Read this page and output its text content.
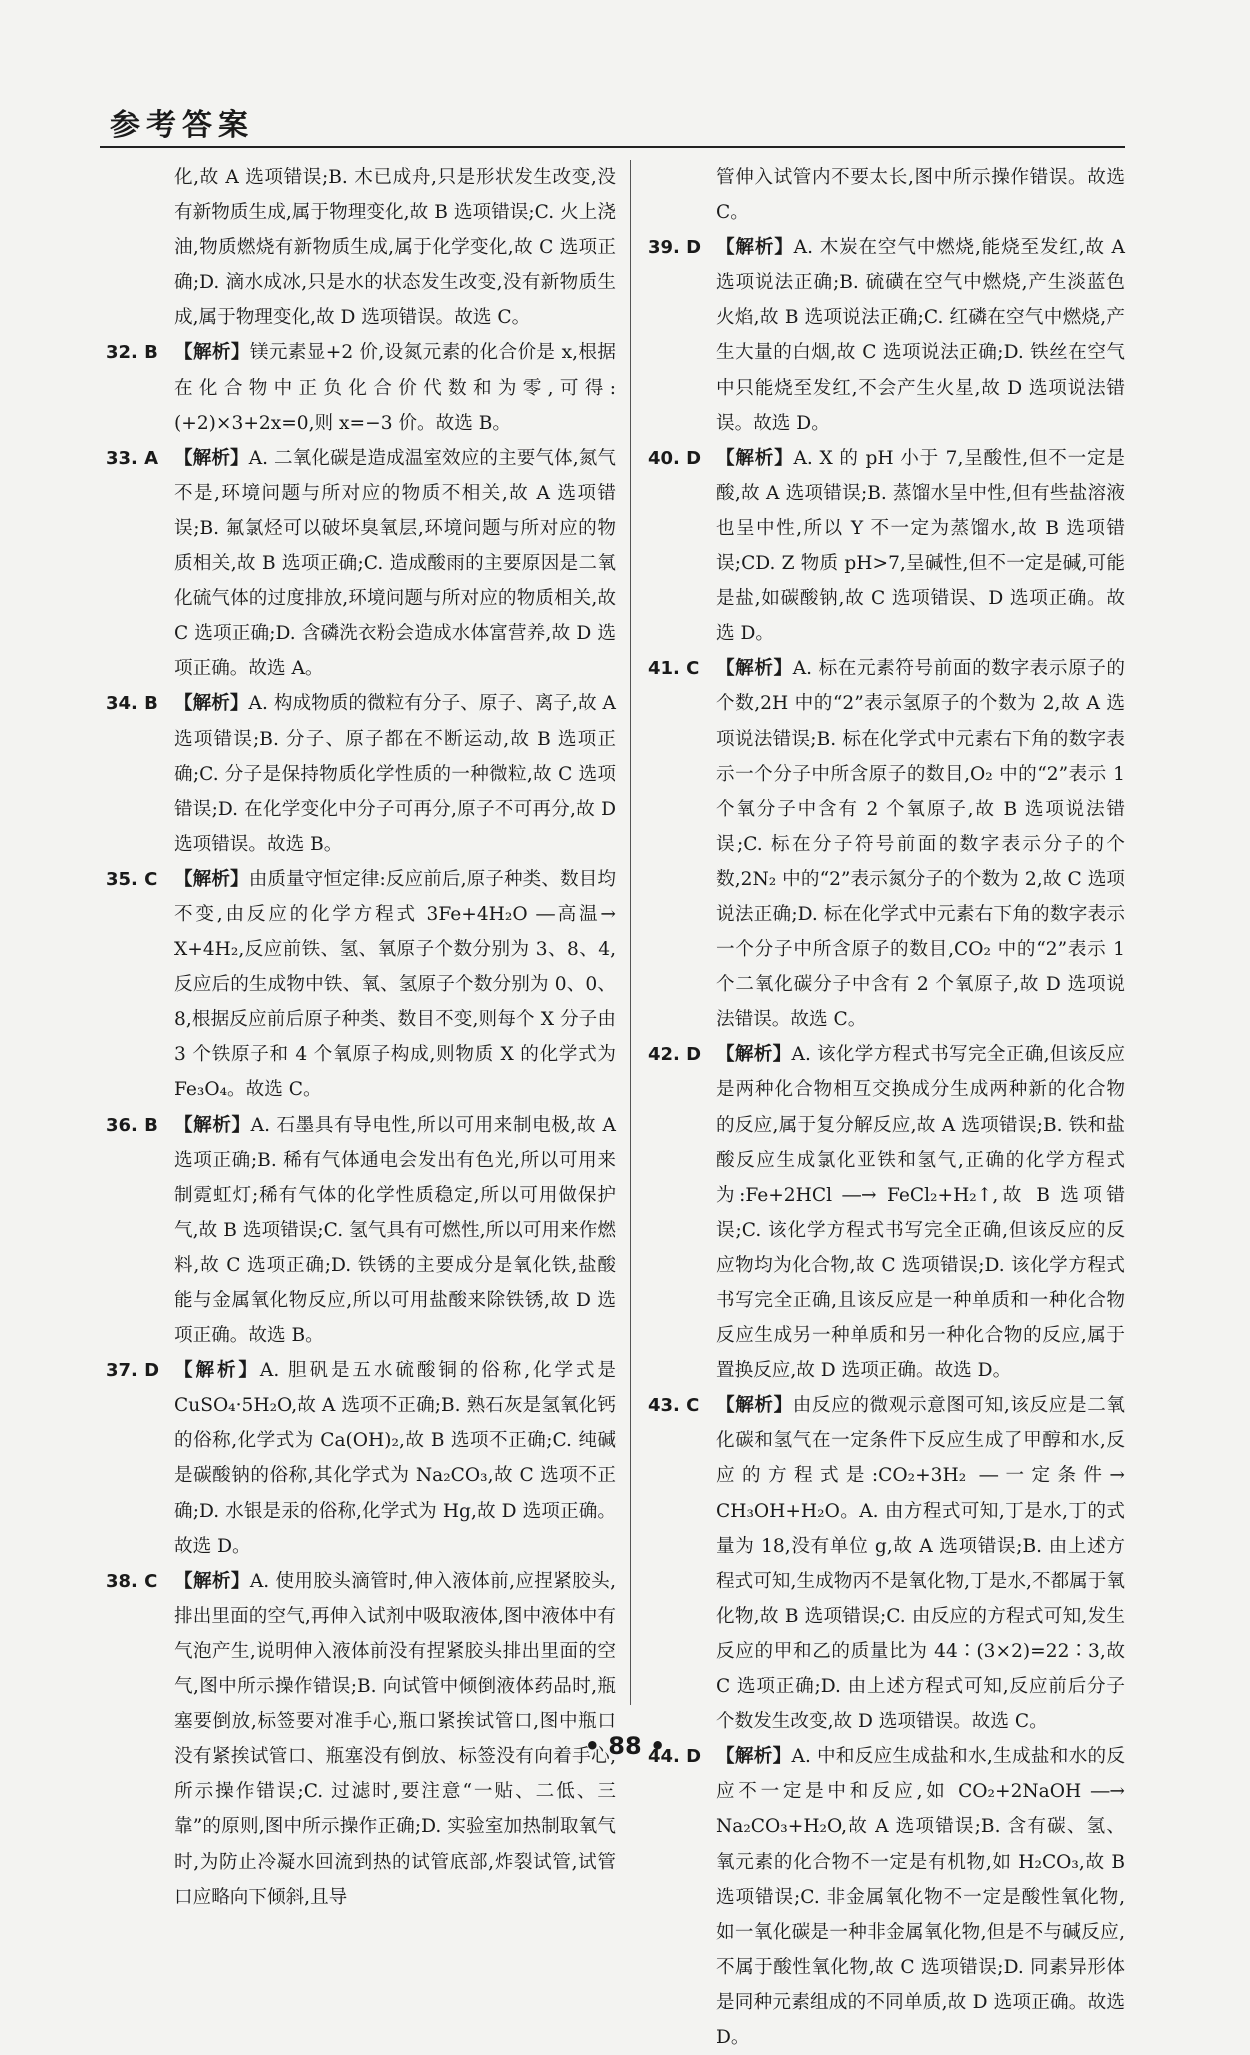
参考答案
化,故 A 选项错误;B. 木已成舟,只是形状发生改变,没有新物质生成,属于物理变化,故 B 选项错误;C. 火上浇油,物质燃烧有新物质生成,属于化学变化,故 C 选项正确;D. 滴水成冰,只是水的状态发生改变,没有新物质生成,属于物理变化,故 D 选项错误。故选 C。
32. B 【解析】镁元素显+2 价,设氮元素的化合价是 x,根据在化合物中正负化合价代数和为零,可得:(+2)×3+2x=0,则 x=−3 价。故选 B。
33. A 【解析】A. 二氧化碳是造成温室效应的主要气体,氮气不是,环境问题与所对应的物质不相关,故 A 选项错误;B. 氟氯烃可以破坏臭氧层,环境问题与所对应的物质相关,故 B 选项正确;C. 造成酸雨的主要原因是二氧化硫气体的过度排放,环境问题与所对应的物质相关,故 C 选项正确;D. 含磷洗衣粉会造成水体富营养,故 D 选项正确。故选 A。
34. B 【解析】A. 构成物质的微粒有分子、原子、离子,故 A 选项错误;B. 分子、原子都在不断运动,故 B 选项正确;C. 分子是保持物质化学性质的一种微粒,故 C 选项错误;D. 在化学变化中分子可再分,原子不可再分,故 D 选项错误。故选 B。
35. C 【解析】由质量守恒定律:反应前后,原子种类、数目均不变,由反应的化学方程式 3Fe+4H₂O ―高温→ X+4H₂,反应前铁、氢、氧原子个数分别为 3、8、4,反应后的生成物中铁、氧、氢原子个数分别为 0、0、8,根据反应前后原子种类、数目不变,则每个 X 分子由 3 个铁原子和 4 个氧原子构成,则物质 X 的化学式为 Fe₃O₄。故选 C。
36. B 【解析】A. 石墨具有导电性,所以可用来制电极,故 A 选项正确;B. 稀有气体通电会发出有色光,所以可用来制霓虹灯;稀有气体的化学性质稳定,所以可用做保护气,故 B 选项错误;C. 氢气具有可燃性,所以可用来作燃料,故 C 选项正确;D. 铁锈的主要成分是氧化铁,盐酸能与金属氧化物反应,所以可用盐酸来除铁锈,故 D 选项正确。故选 B。
37. D 【解析】A. 胆矾是五水硫酸铜的俗称,化学式是 CuSO₄·5H₂O,故 A 选项不正确;B. 熟石灰是氢氧化钙的俗称,化学式为 Ca(OH)₂,故 B 选项不正确;C. 纯碱是碳酸钠的俗称,其化学式为 Na₂CO₃,故 C 选项不正确;D. 水银是汞的俗称,化学式为 Hg,故 D 选项正确。故选 D。
38. C 【解析】A. 使用胶头滴管时,伸入液体前,应捏紧胶头,排出里面的空气,再伸入试剂中吸取液体,图中液体中有气泡产生,说明伸入液体前没有捏紧胶头排出里面的空气,图中所示操作错误;B. 向试管中倾倒液体药品时,瓶塞要倒放,标签要对准手心,瓶口紧挨试管口,图中瓶口没有紧挨试管口、瓶塞没有倒放、标签没有向着手心,所示操作错误;C. 过滤时,要注意“一贴、二低、三靠”的原则,图中所示操作正确;D. 实验室加热制取氧气时,为防止冷凝水回流到热的试管底部,炸裂试管,试管口应略向下倾斜,且导
管伸入试管内不要太长,图中所示操作错误。故选 C。
39. D 【解析】A. 木炭在空气中燃烧,能烧至发红,故 A 选项说法正确;B. 硫磺在空气中燃烧,产生淡蓝色火焰,故 B 选项说法正确;C. 红磷在空气中燃烧,产生大量的白烟,故 C 选项说法正确;D. 铁丝在空气中只能烧至发红,不会产生火星,故 D 选项说法错误。故选 D。
40. D 【解析】A. X 的 pH 小于 7,呈酸性,但不一定是酸,故 A 选项错误;B. 蒸馏水呈中性,但有些盐溶液也呈中性,所以 Y 不一定为蒸馏水,故 B 选项错误;CD. Z 物质 pH>7,呈碱性,但不一定是碱,可能是盐,如碳酸钠,故 C 选项错误、D 选项正确。故选 D。
41. C 【解析】A. 标在元素符号前面的数字表示原子的个数,2H 中的“2”表示氢原子的个数为 2,故 A 选项说法错误;B. 标在化学式中元素右下角的数字表示一个分子中所含原子的数目,O₂ 中的“2”表示 1 个氧分子中含有 2 个氧原子,故 B 选项说法错误;C. 标在分子符号前面的数字表示分子的个数,2N₂ 中的“2”表示氮分子的个数为 2,故 C 选项说法正确;D. 标在化学式中元素右下角的数字表示一个分子中所含原子的数目,CO₂ 中的“2”表示 1 个二氧化碳分子中含有 2 个氧原子,故 D 选项说法错误。故选 C。
42. D 【解析】A. 该化学方程式书写完全正确,但该反应是两种化合物相互交换成分生成两种新的化合物的反应,属于复分解反应,故 A 选项错误;B. 铁和盐酸反应生成氯化亚铁和氢气,正确的化学方程式为:Fe+2HCl ―→ FeCl₂+H₂↑,故 B 选项错误;C. 该化学方程式书写完全正确,但该反应的反应物均为化合物,故 C 选项错误;D. 该化学方程式书写完全正确,且该反应是一种单质和一种化合物反应生成另一种单质和另一种化合物的反应,属于置换反应,故 D 选项正确。故选 D。
43. C 【解析】由反应的微观示意图可知,该反应是二氧化碳和氢气在一定条件下反应生成了甲醇和水,反应的方程式是:CO₂+3H₂ ―一定条件→ CH₃OH+H₂O。A. 由方程式可知,丁是水,丁的式量为 18,没有单位 g,故 A 选项错误;B. 由上述方程式可知,生成物丙不是氧化物,丁是水,不都属于氧化物,故 B 选项错误;C. 由反应的方程式可知,发生反应的甲和乙的质量比为 44∶(3×2)=22∶3,故 C 选项正确;D. 由上述方程式可知,反应前后分子个数发生改变,故 D 选项错误。故选 C。
44. D 【解析】A. 中和反应生成盐和水,生成盐和水的反应不一定是中和反应,如 CO₂+2NaOH ―→ Na₂CO₃+H₂O,故 A 选项错误;B. 含有碳、氢、氧元素的化合物不一定是有机物,如 H₂CO₃,故 B 选项错误;C. 非金属氧化物不一定是酸性氧化物,如一氧化碳是一种非金属氧化物,但是不与碱反应,不属于酸性氧化物,故 C 选项错误;D. 同素异形体是同种元素组成的不同单质,故 D 选项正确。故选 D。
• 88 •
